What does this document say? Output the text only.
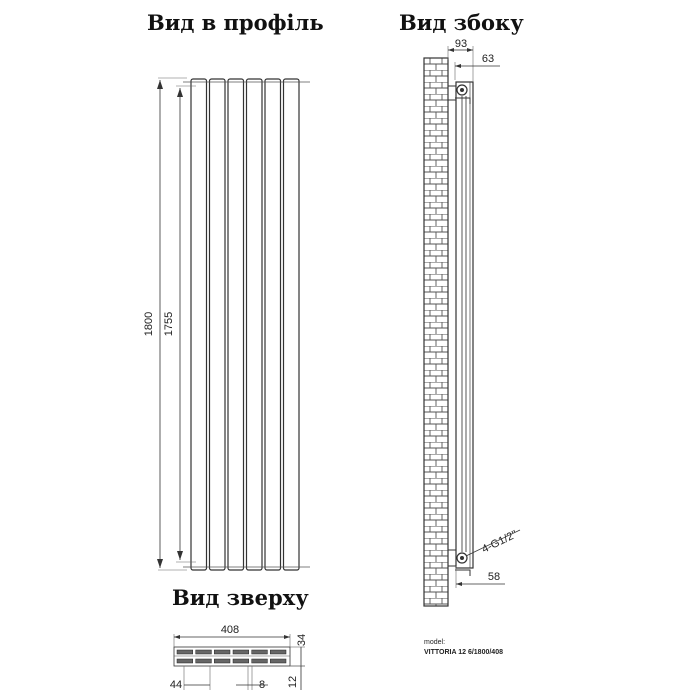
Вид в профіль	Вид збоку
Вид зверху
1800 1755
93
63
4-G1/2''
58
408
34
44	8 12
model:
VITTORIA 12 6/1800/408
